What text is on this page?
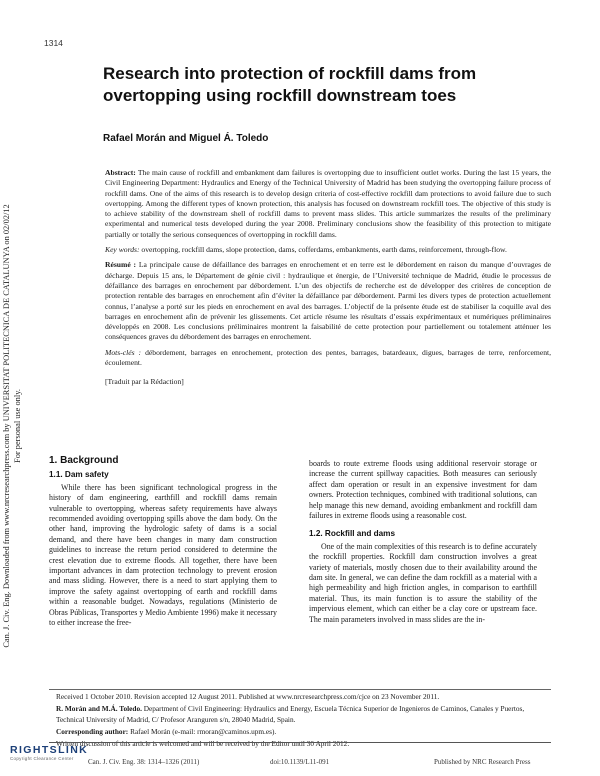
1314
Can. J. Civ. Eng. Downloaded from www.nrcresearchpress.com by UNIVERSITAT POLITECNICA DE CATALUNYA on 02/02/12 For personal use only.
Research into protection of rockfill dams from overtopping using rockfill downstream toes
Rafael Morán and Miguel Á. Toledo

Abstract: The main cause of rockfill and embankment dam failures is overtopping due to insufficient outlet works. During the last 15 years, the Civil Engineering Department: Hydraulics and Energy of the Technical University of Madrid has been studying the overtopping failure process of rockfill dams. One of the aims of this research is to develop design criteria of cost-effective rockfill dam protections to avoid failure due to such overtopping. Among the different types of known protection, this analysis has focused on downstream rockfill toes. The objective of this study is to achieve stability of the downstream shell of rockfill dams to prevent mass slides. This article summarizes the results of the preliminary experimental and numerical tests developed during the year 2008. Preliminary conclusions show the feasibility of this protection to mitigate partially or totally the serious consequences of overtopping in rockfill dams.

Key words: overtopping, rockfill dams, slope protection, dams, cofferdams, embankments, earth dams, reinforcement, through-flow.

Résumé : La principale cause de défaillance des barrages en enrochement et en terre est le débordement en raison du manque d’ouvrages de décharge. Depuis 15 ans, le Département de génie civil : hydraulique et énergie, de l’Université technique de Madrid, étudie le processus de défaillance des barrages en enrochement par débordement. L’un des objectifs de recherche est de développer des critères de conception de protection rentable des barrages en enrochement afin d’éviter la défaillance par débordement. Parmi les divers types de protection actuellement connus, l’analyse a porté sur les pieds en enrochement en aval des barrages. L’objectif de la présente étude est de stabiliser la coquille aval des barrages en enrochement afin de prévenir les glissements. Cet article résume les résultats d’essais expérimentaux et numériques préliminaires développés en 2008. Les conclusions préliminaires montrent la faisabilité de cette protection pour partiellement ou totalement atténuer les conséquences graves du débordement des barrages en enrochement.

Mots-clés : débordement, barrages en enrochement, protection des pentes, barrages, batardeaux, digues, barrages de terre, renforcement, écoulement.

[Traduit par la Rédaction]

1. Background
1.1. Dam safety

While there has been significant technological progress in the history of dam engineering, earthfill and rockfill dams remain vulnerable to overtopping, whereas safety requirements have always recommended avoiding overtopping spills above the dam body. On the other hand, improving the hydrologic safety of dams is a social demand, and there have been changes in many dam construction guidelines to increase the return period considered to determine the crest elevation due to extreme floods. All together, there have been important advances in dam protection technology to prevent erosion and mass sliding. However, there is a need to start applying them to improve the safety against overtopping of earth and rockfill dams within a reasonable budget. Nowadays, regulations (Ministerio de Obras Públicas, Transportes y Medio Ambiente 1996) make it necessary to either increase the free-

boards to route extreme floods using additional reservoir storage or increase the current spillway capacities. Both measures can seriously affect dam operation or result in an expensive investment for dam owners. Protection techniques, combined with traditional solutions, can help manage this new demand, avoiding embankment and rockfill dam failures in extreme floods using a reasonable cost.

1.2. Rockfill and dams

One of the main complexities of this research is to define accurately the rockfill properties. Rockfill dam construction involves a great variety of materials, mostly chosen due to their availability around the dam site. In general, we can define the dam rockfill as a material with a high permeability and high friction angles, in comparison to earthfill material. Thus, its main function is to assure the stability of the impervious element, which can either be a clay core or upstream face. The main parameters involved in mass slides are the in-

Received 1 October 2010. Revision accepted 12 August 2011. Published at www.nrcresearchpress.com/cjce on 23 November 2011.

R. Morán and M.Á. Toledo. Department of Civil Engineering: Hydraulics and Energy, Escuela Técnica Superior de Ingenieros de Caminos, Canales y Puertos, Technical University of Madrid, C/ Profesor Aranguren s/n, 28040 Madrid, Spain.

Corresponding author: Rafael Morán (e-mail: rmoran@caminos.upm.es).

Written discussion of this article is welcomed and will be received by the Editor until 30 April 2012.

RIGHTSLINK
Copyright Clearance Center	Can. J. Civ. Eng. 38: 1314–1326 (2011)	doi:10.1139/L11-091	Published by NRC Research Press
